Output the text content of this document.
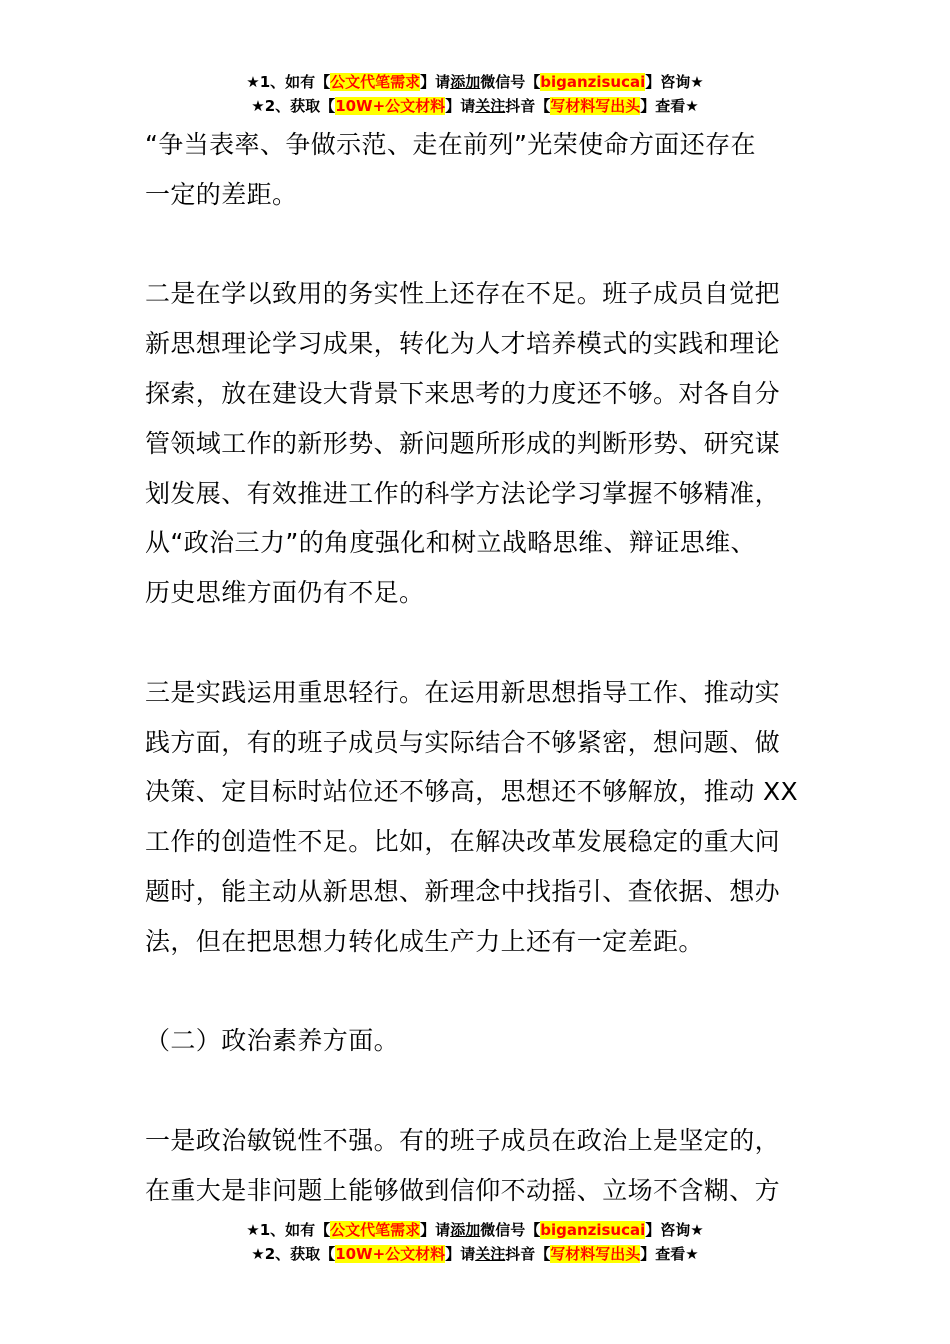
★1、如有【公文代笔需求】请添加微信号【biganzisucai】咨询★
★2、获取【10W+公文材料】请关注抖音【写材料写出头】查看★

“争当表率、争做示范、走在前列”光荣使命方面还存在

一定的差距。

二是在学以致用的务实性上还存在不足。班子成员自觉把

新思想理论学习成果，转化为人才培养模式的实践和理论

探索，放在建设大背景下来思考的力度还不够。对各自分

管领域工作的新形势、新问题所形成的判断形势、研究谋

划发展、有效推进工作的科学方法论学习掌握不够精准，

从“政治三力”的角度强化和树立战略思维、辩证思维、

历史思维方面仍有不足。

三是实践运用重思轻行。在运用新思想指导工作、推动实

践方面，有的班子成员与实际结合不够紧密，想问题、做

决策、定目标时站位还不够高，思想还不够解放，推动 XX

工作的创造性不足。比如，在解决改革发展稳定的重大问

题时，能主动从新思想、新理念中找指引、查依据、想办

法，但在把思想力转化成生产力上还有一定差距。

（二）政治素养方面。

一是政治敏锐性不强。有的班子成员在政治上是坚定的，

在重大是非问题上能够做到信仰不动摇、立场不含糊、方

★1、如有【公文代笔需求】请添加微信号【biganzisucai】咨询★
★2、获取【10W+公文材料】请关注抖音【写材料写出头】查看★
